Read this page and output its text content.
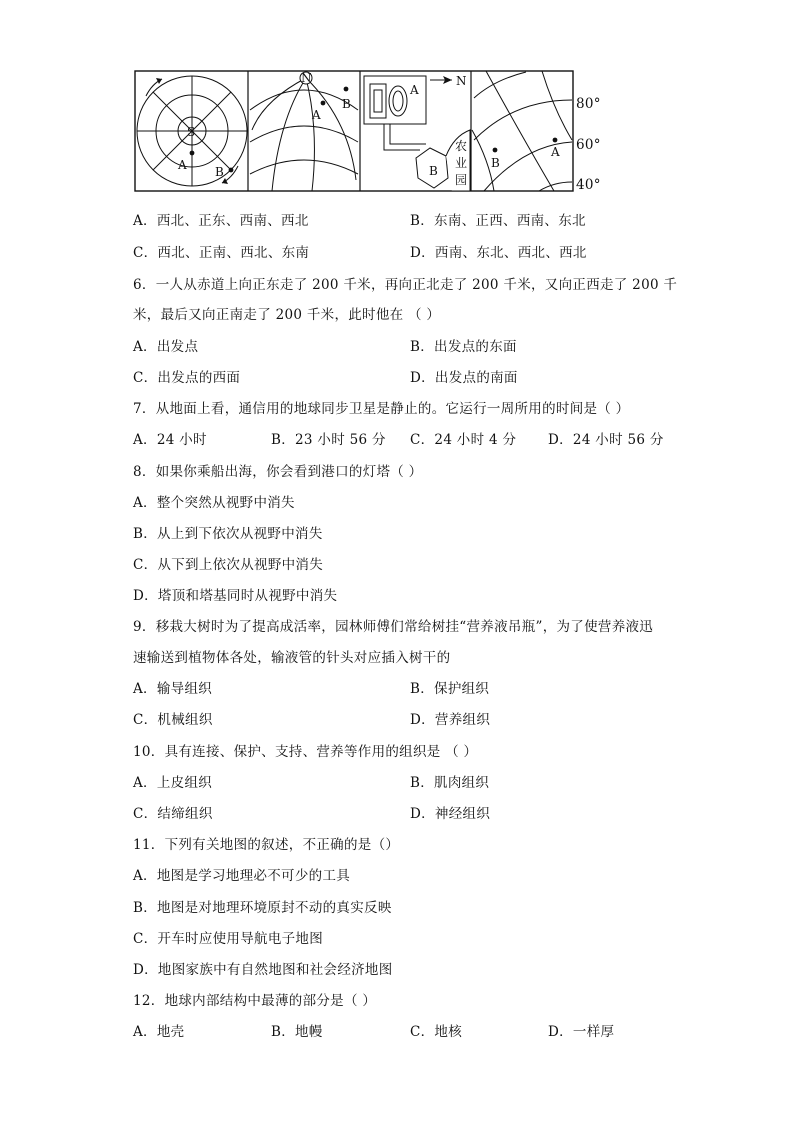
S
A B
N
A
B
A
N
B
农
业
园
B
A
80°
60°
40°
A．西北、正东、西南、西北	B．东南、正西、西南、东北
C．西北、正南、西北、东南	D．西南、东北、西北、西北
6．一人从赤道上向正东走了 200 千米，再向正北走了 200 千米，又向正西走了 200 千
米，最后又向正南走了 200 千米，此时他在 （ ）
A．出发点	B．出发点的东面
C．出发点的西面	D．出发点的南面
7．从地面上看，通信用的地球同步卫星是静止的。它运行一周所用的时间是（ ）
A．24 小时	B．23 小时 56 分 C．24 小时 4 分 D．24 小时 56 分
8．如果你乘船出海，你会看到港口的灯塔（ ）
A．整个突然从视野中消失
B．从上到下依次从视野中消失
C．从下到上依次从视野中消失
D．塔顶和塔基同时从视野中消失
9．移栽大树时为了提高成活率，园林师傅们常给树挂“营养液吊瓶”，为了使营养液迅
速输送到植物体各处，输液管的针头对应插入树干的
A．输导组织	B．保护组织
C．机械组织	D．营养组织
10．具有连接、保护、支持、营养等作用的组织是 （ ）
A．上皮组织	B．肌肉组织
C．结缔组织	D．神经组织
11．下列有关地图的叙述，不正确的是（）
A．地图是学习地理必不可少的工具
B．地图是对地理环境原封不动的真实反映
C．开车时应使用导航电子地图
D．地图家族中有自然地图和社会经济地图
12．地球内部结构中最薄的部分是（ ）
A．地壳	B．地幔	C．地核	D．一样厚
